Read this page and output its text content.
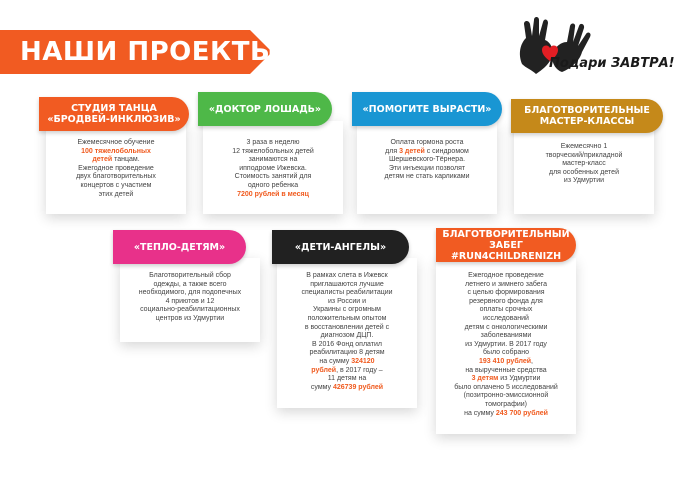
НАШИ ПРОЕКТЫ	Подари ЗАВТРА!
Ежемесячное обучение
100 тяжелобольных
детей танцам.
Ежегодное проведение
двух благотворительных
концертов с участием
этих детей
СТУДИЯ ТАНЦА «БРОДВЕЙ-ИНКЛЮЗИВ»
3 раза в неделю
12 тяжелобольных детей
занимаются на
ипподроме Ижевска.
Стоимость занятий для
одного ребенка
7200 рублей в месяц
«ДОКТОР ЛОШАДЬ»
Оплата гормона роста
для 3 детей с синдромом
Шершевского-Тёрнера.
Эти инъекции позволят
детям не стать карликами
«ПОМОГИТЕ ВЫРАСТИ»
Ежемесячно 1
творческий/прикладной
мастер-класс
для особенных детей
из Удмуртии
БЛАГОТВОРИТЕЛЬНЫЕ МАСТЕР-КЛАССЫ
Благотворительный сбор
одежды, а также всего
необходимого, для подопечных
4 приютов и 12
социально-реабилитационных
центров из Удмуртии
«ТЕПЛО-ДЕТЯМ»
В рамках слета в Ижевск
приглашаются лучшие
специалисты реабилитации
из России и
Украины с огромным
положительным опытом
в восстановлении детей с
диагнозом ДЦП.
В 2016 Фонд оплатил
реабилитацию 8 детям
на сумму 324120
рублей, в 2017 году –
11 детям на
сумму 426739 рублей
«ДЕТИ-АНГЕЛЫ»
Ежегодное проведение
летнего и зимнего забега
с целью формирования
резервного фонда для
оплаты срочных
исследований
детям с онкологическими
заболеваниями
из Удмуртии. В 2017 году
было собрано
193 410 рублей,
на вырученные средства
3 детям из Удмуртии
было оплачено 5 исследований
(позитронно-эмиссионной
томографии)
на сумму 243 700 рублей
БЛАГОТВОРИТЕЛЬНЫЙ ЗАБЕГ #RUN4CHILDRENIZH
